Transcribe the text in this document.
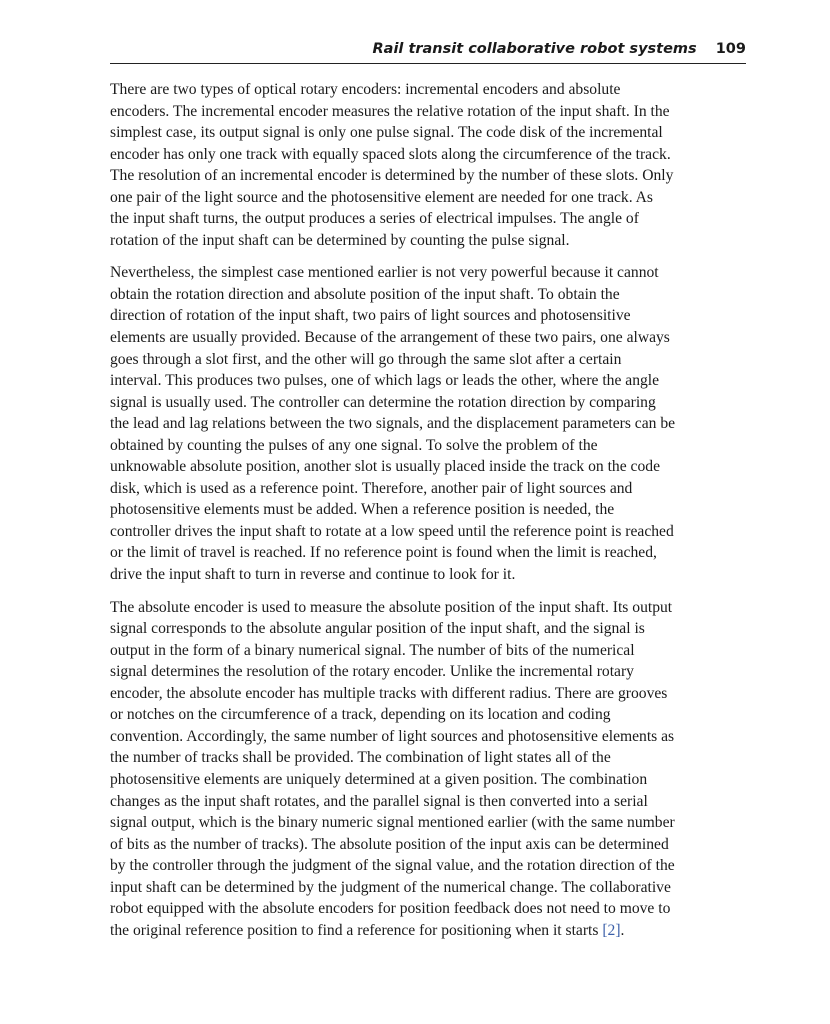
Rail transit collaborative robot systems 109

There are two types of optical rotary encoders: incremental encoders and absolute
encoders. The incremental encoder measures the relative rotation of the input shaft. In the
simplest case, its output signal is only one pulse signal. The code disk of the incremental
encoder has only one track with equally spaced slots along the circumference of the track.
The resolution of an incremental encoder is determined by the number of these slots. Only
one pair of the light source and the photosensitive element are needed for one track. As
the input shaft turns, the output produces a series of electrical impulses. The angle of
rotation of the input shaft can be determined by counting the pulse signal.

Nevertheless, the simplest case mentioned earlier is not very powerful because it cannot
obtain the rotation direction and absolute position of the input shaft. To obtain the
direction of rotation of the input shaft, two pairs of light sources and photosensitive
elements are usually provided. Because of the arrangement of these two pairs, one always
goes through a slot first, and the other will go through the same slot after a certain
interval. This produces two pulses, one of which lags or leads the other, where the angle
signal is usually used. The controller can determine the rotation direction by comparing
the lead and lag relations between the two signals, and the displacement parameters can be
obtained by counting the pulses of any one signal. To solve the problem of the
unknowable absolute position, another slot is usually placed inside the track on the code
disk, which is used as a reference point. Therefore, another pair of light sources and
photosensitive elements must be added. When a reference position is needed, the
controller drives the input shaft to rotate at a low speed until the reference point is reached
or the limit of travel is reached. If no reference point is found when the limit is reached,
drive the input shaft to turn in reverse and continue to look for it.

The absolute encoder is used to measure the absolute position of the input shaft. Its output
signal corresponds to the absolute angular position of the input shaft, and the signal is
output in the form of a binary numerical signal. The number of bits of the numerical
signal determines the resolution of the rotary encoder. Unlike the incremental rotary
encoder, the absolute encoder has multiple tracks with different radius. There are grooves
or notches on the circumference of a track, depending on its location and coding
convention. Accordingly, the same number of light sources and photosensitive elements as
the number of tracks shall be provided. The combination of light states all of the
photosensitive elements are uniquely determined at a given position. The combination
changes as the input shaft rotates, and the parallel signal is then converted into a serial
signal output, which is the binary numeric signal mentioned earlier (with the same number
of bits as the number of tracks). The absolute position of the input axis can be determined
by the controller through the judgment of the signal value, and the rotation direction of the
input shaft can be determined by the judgment of the numerical change. The collaborative
robot equipped with the absolute encoders for position feedback does not need to move to
the original reference position to find a reference for positioning when it starts [2].
